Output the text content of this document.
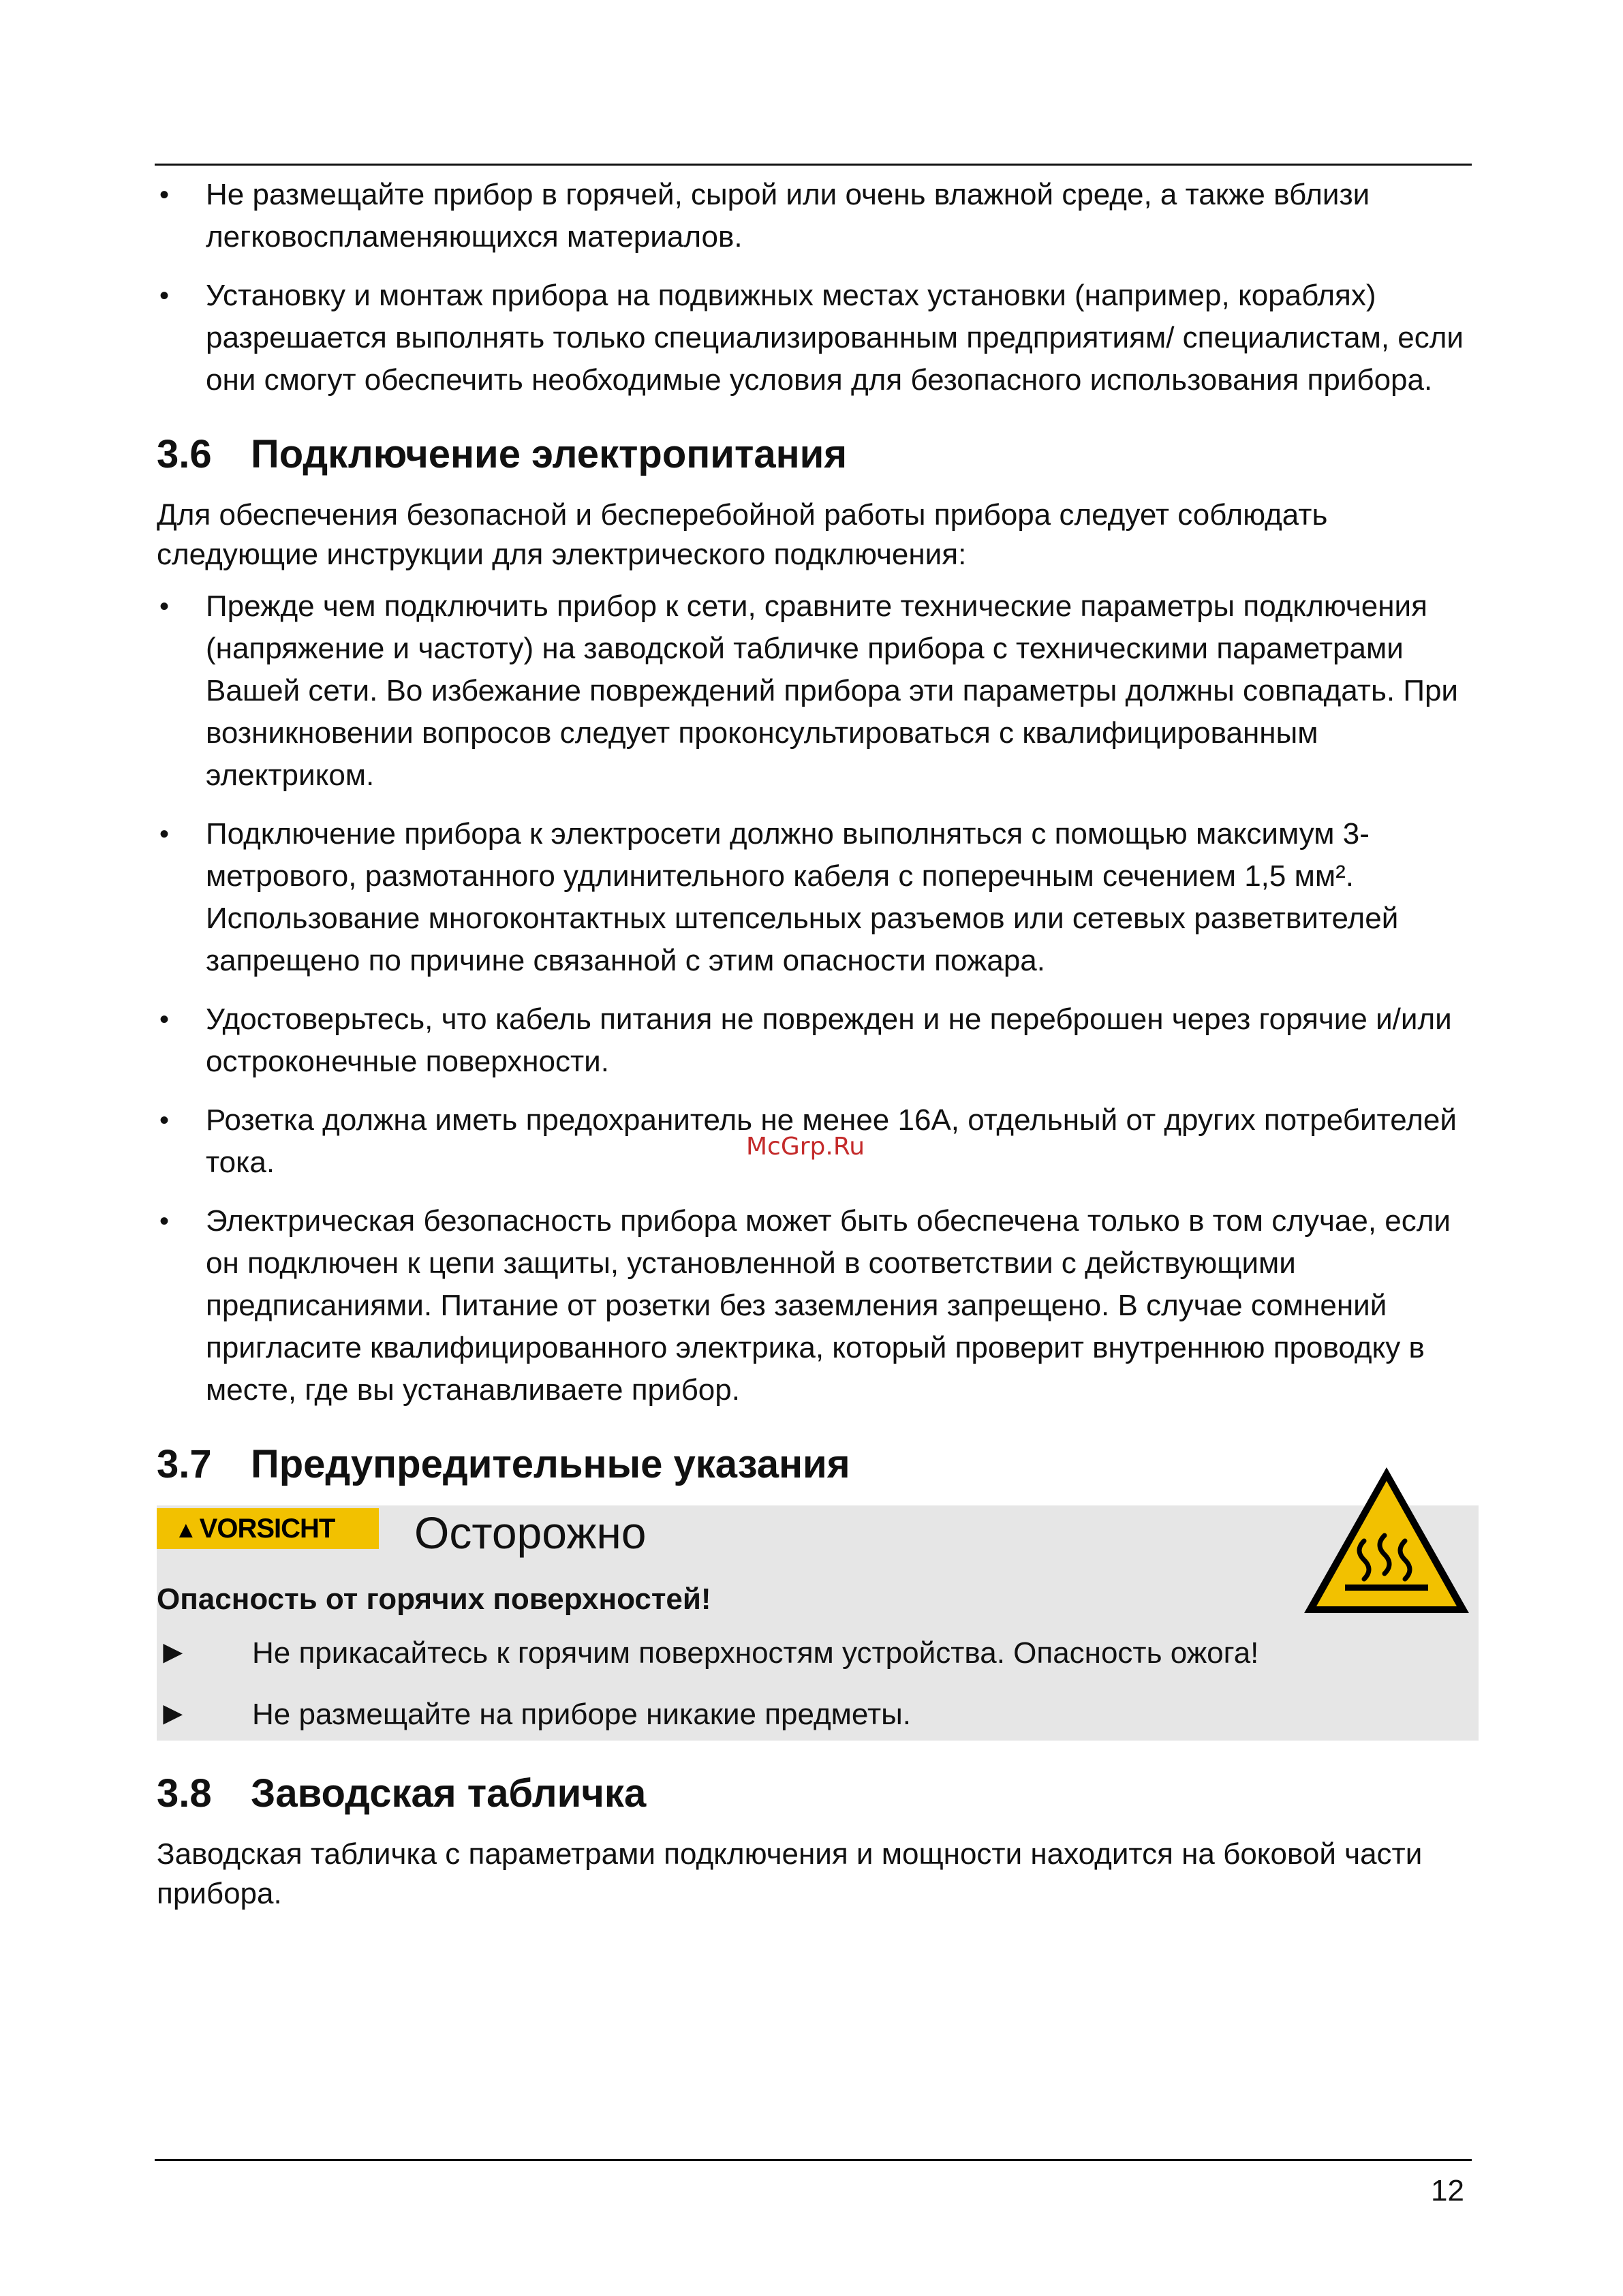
• Не размещайте прибор в горячей, сырой или очень влажной среде, а также вблизи легковоспламеняющихся материалов.
• Установку и монтаж прибора на подвижных местах установки (например, кораблях) разрешается выполнять только специализированным предприятиям/ специалистам, если они смогут обеспечить необходимые условия для безопасного использования прибора.
3.6 Подключение электропитания

Для обеспечения безопасной и бесперебойной работы прибора следует соблюдать следующие инструкции для электрического подключения:

• Прежде чем подключить прибор к сети, сравните технические параметры подключения (напряжение и частоту) на заводской табличке прибора с техническими параметрами Вашей сети. Во избежание повреждений прибора эти параметры должны совпадать. При возникновении вопросов следует проконсультироваться с квалифицированным электриком.
• Подключение прибора к электросети должно выполняться с помощью максимум 3-метрового, размотанного удлинительного кабеля с поперечным сечением 1,5 мм². Использование многоконтактных штепсельных разъемов или сетевых разветвителей запрещено по причине связанной с этим опасности пожара.
• Удостоверьтесь, что кабель питания не поврежден и не переброшен через горячие и/или остроконечные поверхности.
• Розетка должна иметь предохранитель не менее 16А, отдельный от других потребителей тока.
• Электрическая безопасность прибора может быть обеспечена только в том случае, если он подключен к цепи защиты, установленной в соответствии с действующими предписаниями. Питание от розетки без заземления запрещено. В случае сомнений пригласите квалифицированного электрика, который проверит внутреннюю проводку в месте, где вы устанавливаете прибор.
3.7 Предупредительные указания
▲ VORSICHT	Осторожно
Опасность от горячих поверхностей!
► Не прикасайтесь к горячим поверхностям устройства. Опасность ожога!
► Не размещайте на приборе никакие предметы.
3.8 Заводская табличка

Заводская табличка с параметрами подключения и мощности находится на боковой части прибора.

McGrp.Ru
12
